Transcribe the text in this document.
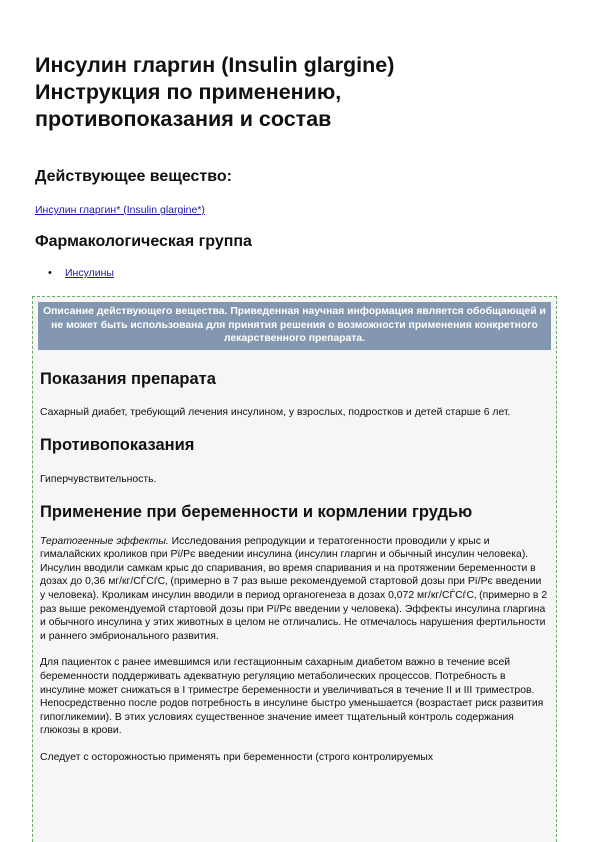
Инсулин гларгин (Insulin glargine)
Инструкция по применению,
противопоказания и состав
Действующее вещество:
Инсулин гларгин* (Insulin glargine*)
Фармакологическая группа
• Инсулины
Описание действующего вещества. Приведенная научная информация является обобщающей и не может быть использована для принятия решения о возможности применения конкретного лекарственного препарата.
Показания препарата

Сахарный диабет, требующий лечения инсулином, у взрослых, подростков и детей старше 6 лет.

Противопоказания

Гиперчувствительность.

Применение при беременности и кормлении грудью

Тератогенные эффекты. Исследования репродукции и тератогенности проводили у крыс и гималайских кроликов при Рї/Рє введении инсулина (инсулин гларгин и обычный инсулин человека). Инсулин вводили самкам крыс до спаривания, во время спаривания и на протяжении беременности в дозах до 0,36 мг/кг/СЃСѓС‚ (примерно в 7 раз выше рекомендуемой стартовой дозы при Рї/Рє введении у человека). Кроликам инсулин вводили в период органогенеза в дозах 0,072 мг/кг/СЃСѓС‚ (примерно в 2 раз выше рекомендуемой стартовой дозы при Рї/Рє введении у человека). Эффекты инсулина гларгина и обычного инсулина у этих животных в целом не отличались. Не отмечалось нарушения фертильности и раннего эмбрионального развития.

Для пациенток с ранее имевшимся или гестационным сахарным диабетом важно в течение всей беременности поддерживать адекватную регуляцию метаболических процессов. Потребность в инсулине может снижаться в I триместре беременности и увеличиваться в течение II и III триместров. Непосредственно после родов потребность в инсулине быстро уменьшается (возрастает риск развития гипогликемии). В этих условиях существенное значение имеет тщательный контроль содержания глюкозы в крови.

Следует с осторожностью применять при беременности (строго контролируемых
